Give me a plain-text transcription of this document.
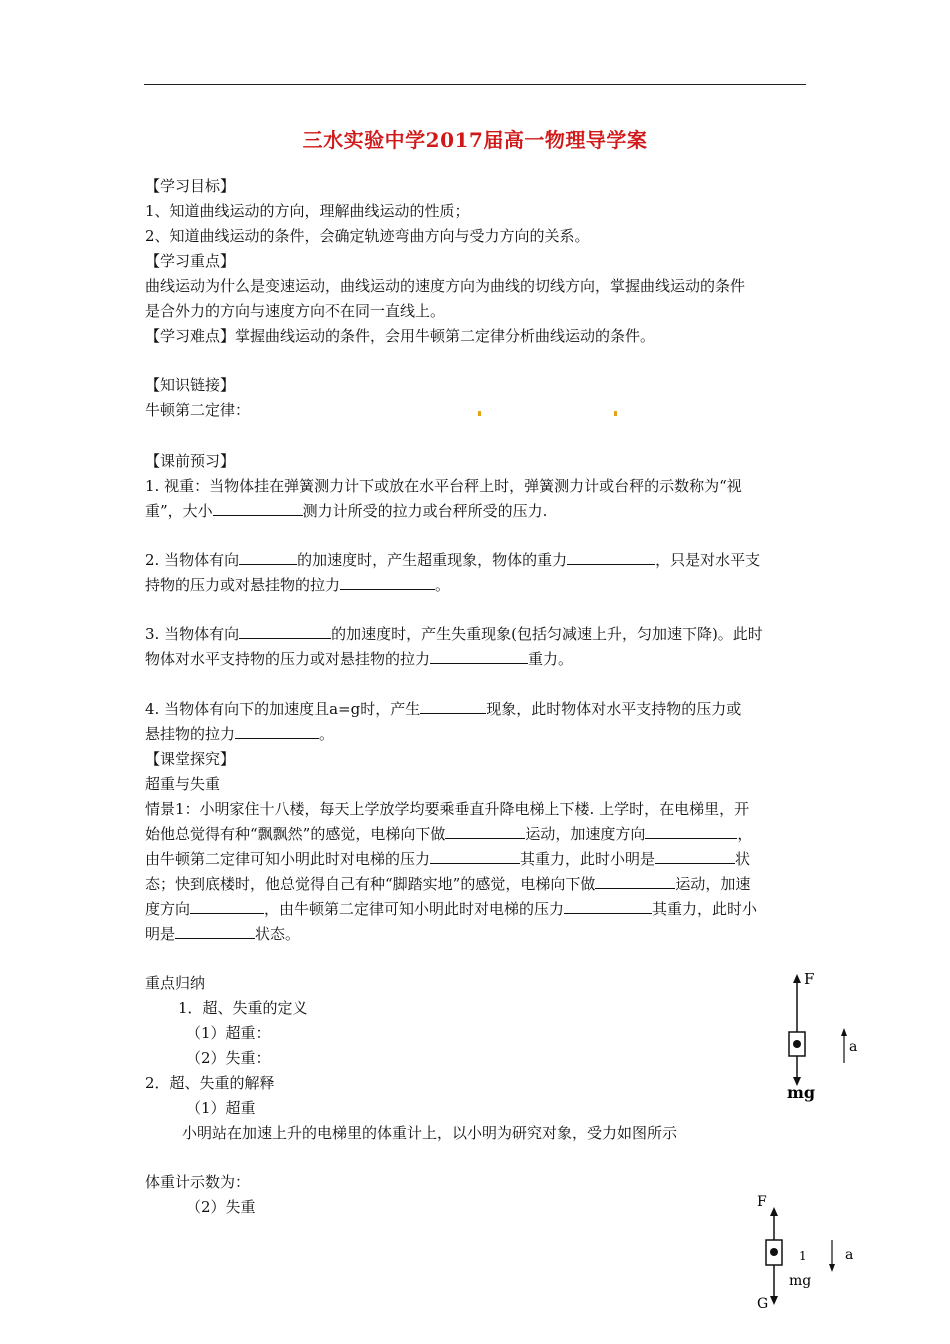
三水实验中学2017届高一物理导学案
【学习目标】
1、知道曲线运动的方向，理解曲线运动的性质；
2、知道曲线运动的条件，会确定轨迹弯曲方向与受力方向的关系。
【学习重点】
曲线运动为什么是变速运动，曲线运动的速度方向为曲线的切线方向，掌握曲线运动的条件
是合外力的方向与速度方向不在同一直线上。
【学习难点】掌握曲线运动的条件，会用牛顿第二定律分析曲线运动的条件。
【知识链接】
牛顿第二定律：
【课前预习】
1. 视重：当物体挂在弹簧测力计下或放在水平台秤上时，弹簧测力计或台秤的示数称为“视
重”，大小	测力计所受的拉力或台秤所受的压力.
2. 当物体有向	的加速度时，产生超重现象，物体的重力	，只是对水平支
持物的压力或对悬挂物的拉力	。
3. 当物体有向	的加速度时，产生失重现象(包括匀减速上升，匀加速下降)。此时
物体对水平支持物的压力或对悬挂物的拉力	重力。
4. 当物体有向下的加速度且a=g时，产生	现象，此时物体对水平支持物的压力或
悬挂物的拉力	。
【课堂探究】
超重与失重
情景1：小明家住十八楼，每天上学放学均要乘垂直升降电梯上下楼. 上学时，在电梯里，开
始他总觉得有种“飘飘然”的感觉，电梯向下做	运动，加速度方向	，
由牛顿第二定律可知小明此时对电梯的压力	其重力，此时小明是	状
态；快到底楼时，他总觉得自己有种“脚踏实地”的感觉，电梯向下做	运动，加速
度方向	，由牛顿第二定律可知小明此时对电梯的压力	其重力，此时小
明是	状态。
重点归纳
1．超、失重的定义
（1）超重：
（2）失重：
2．超、失重的解释
（1）超重
小明站在加速上升的电梯里的体重计上，以小明为研究对象，受力如图所示
体重计示数为：
（2）失重
F
a
mg
F
1
mg
a
G
